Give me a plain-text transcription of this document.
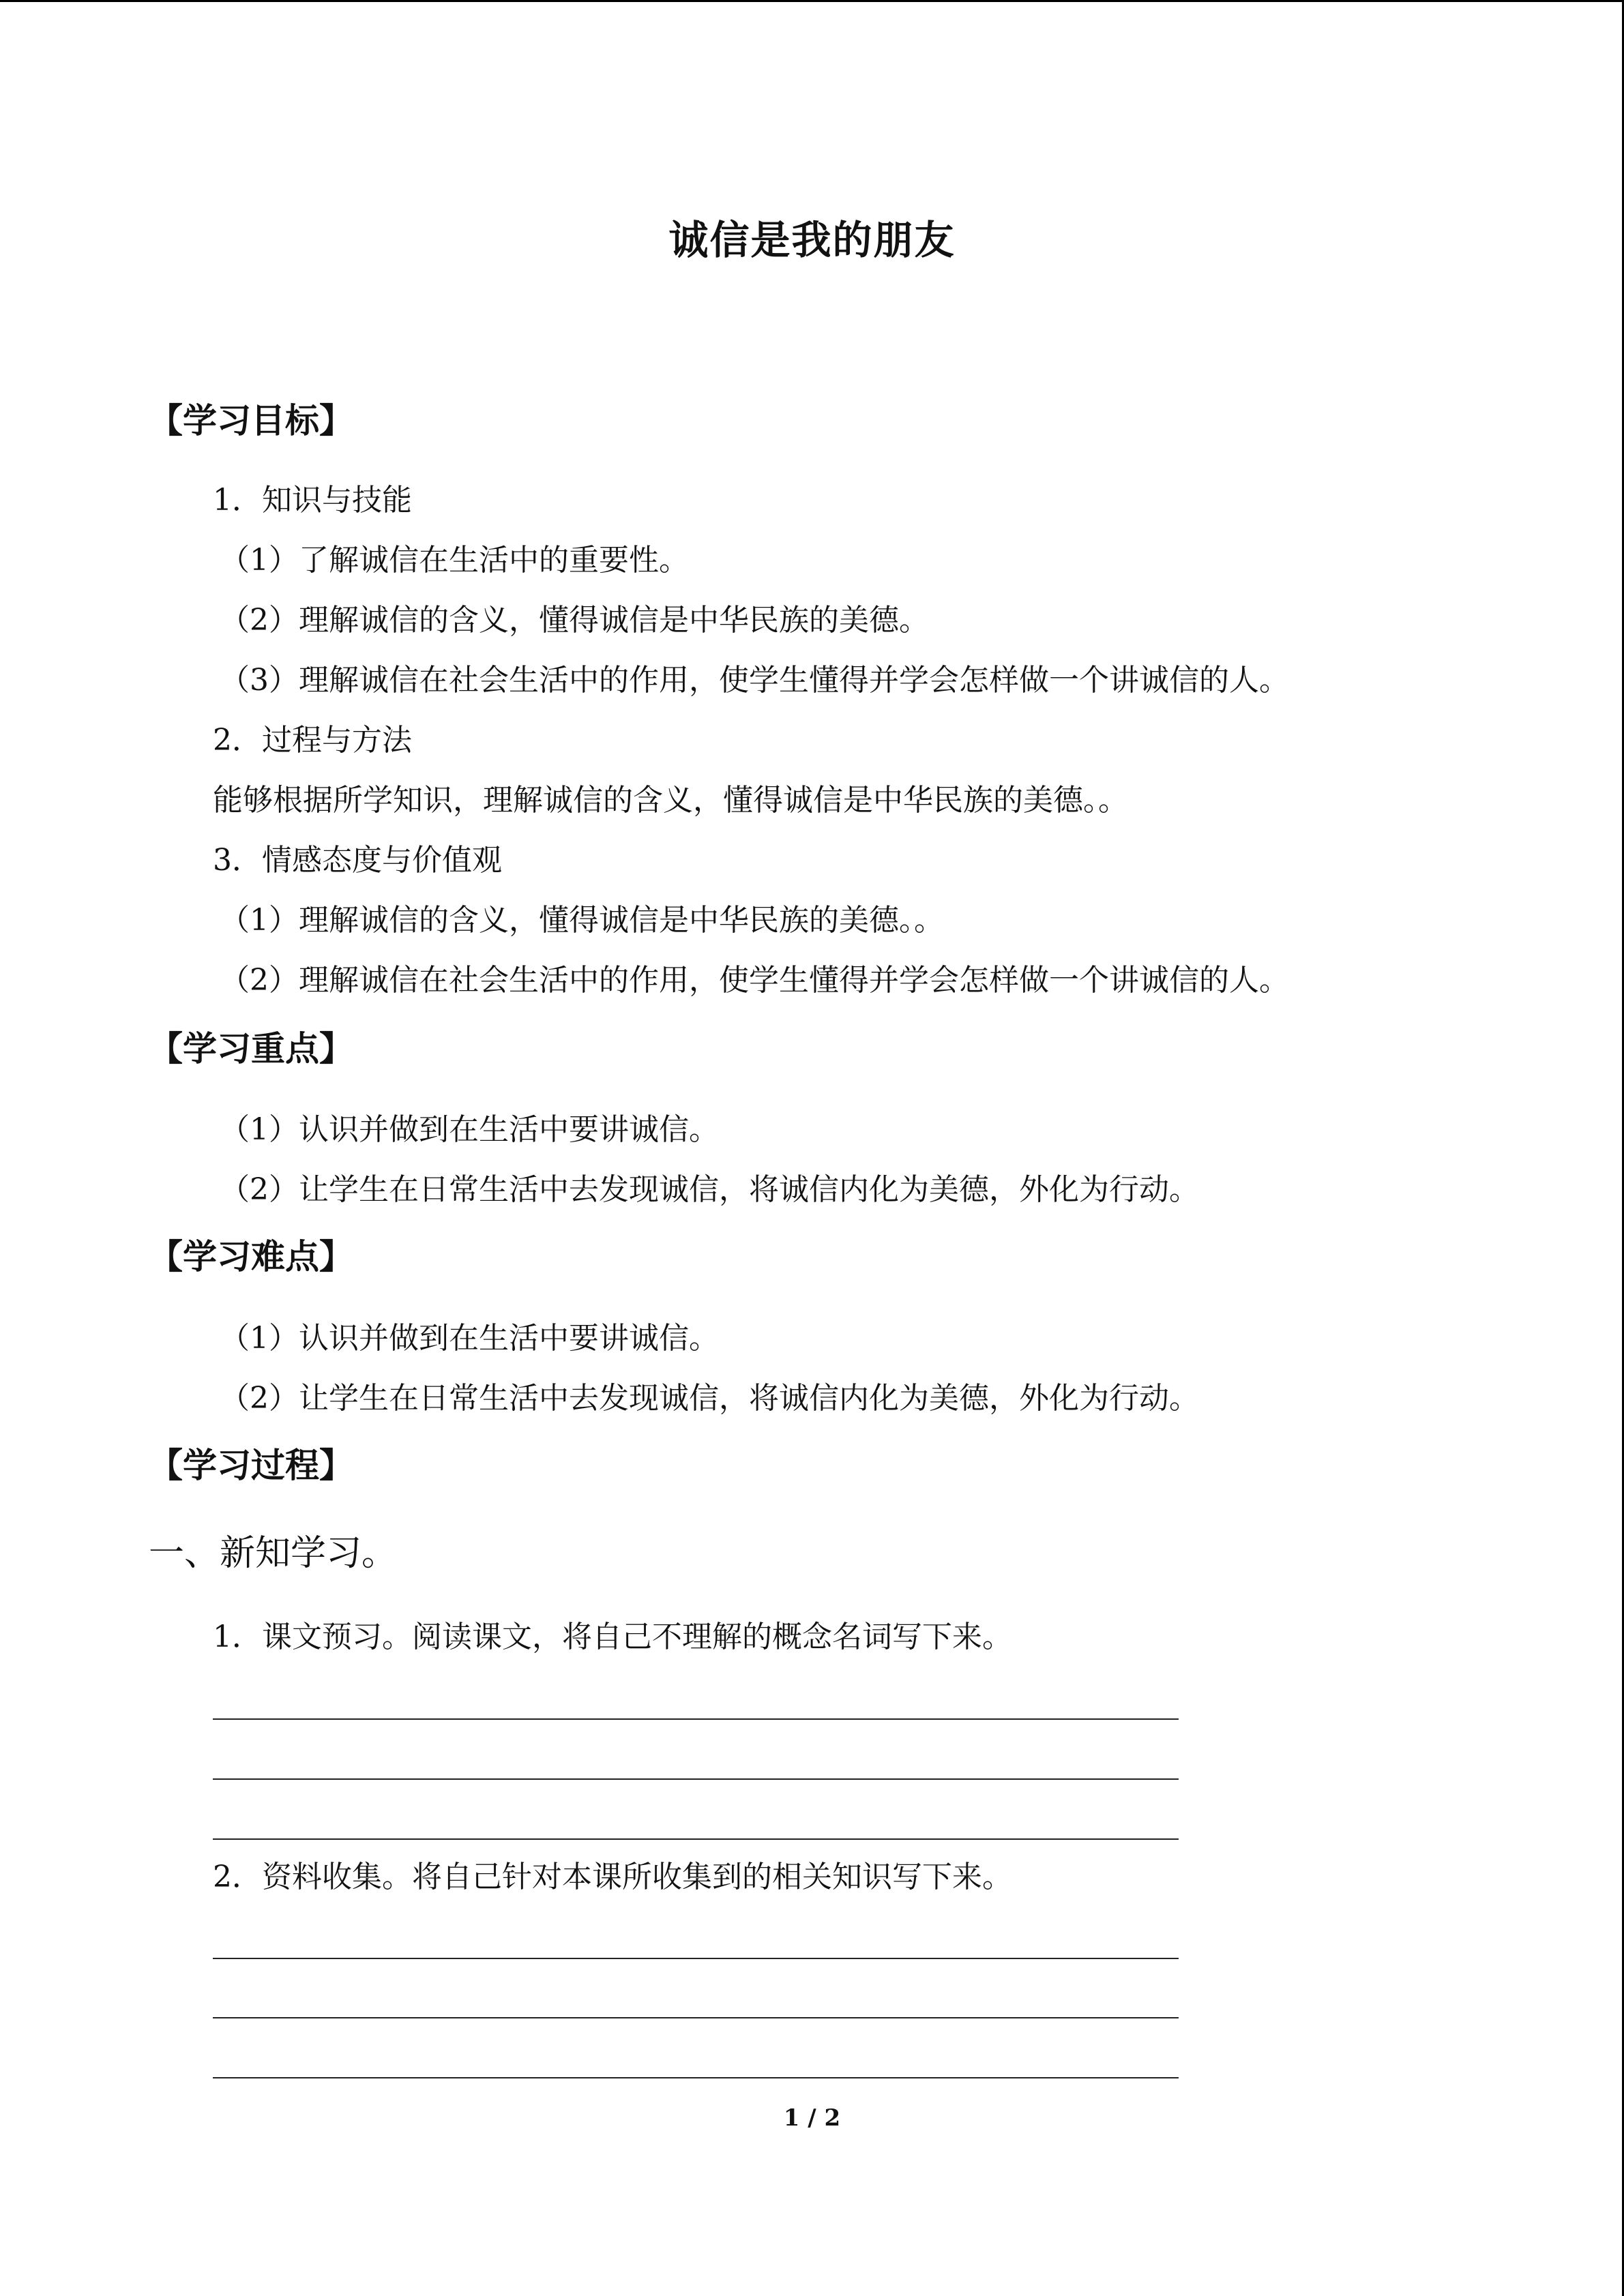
诚信是我的朋友
【学习目标】
1．知识与技能
（1）了解诚信在生活中的重要性。
（2）理解诚信的含义，懂得诚信是中华民族的美德。
（3）理解诚信在社会生活中的作用，使学生懂得并学会怎样做一个讲诚信的人。
2．过程与方法
能够根据所学知识，理解诚信的含义，懂得诚信是中华民族的美德。。
3．情感态度与价值观
（1）理解诚信的含义，懂得诚信是中华民族的美德。。
（2）理解诚信在社会生活中的作用，使学生懂得并学会怎样做一个讲诚信的人。
【学习重点】
（1）认识并做到在生活中要讲诚信。
（2）让学生在日常生活中去发现诚信，将诚信内化为美德，外化为行动。
【学习难点】
（1）认识并做到在生活中要讲诚信。
（2）让学生在日常生活中去发现诚信，将诚信内化为美德，外化为行动。
【学习过程】
一、新知学习。
1．课文预习。阅读课文，将自己不理解的概念名词写下来。
2．资料收集。将自己针对本课所收集到的相关知识写下来。
1 / 2
